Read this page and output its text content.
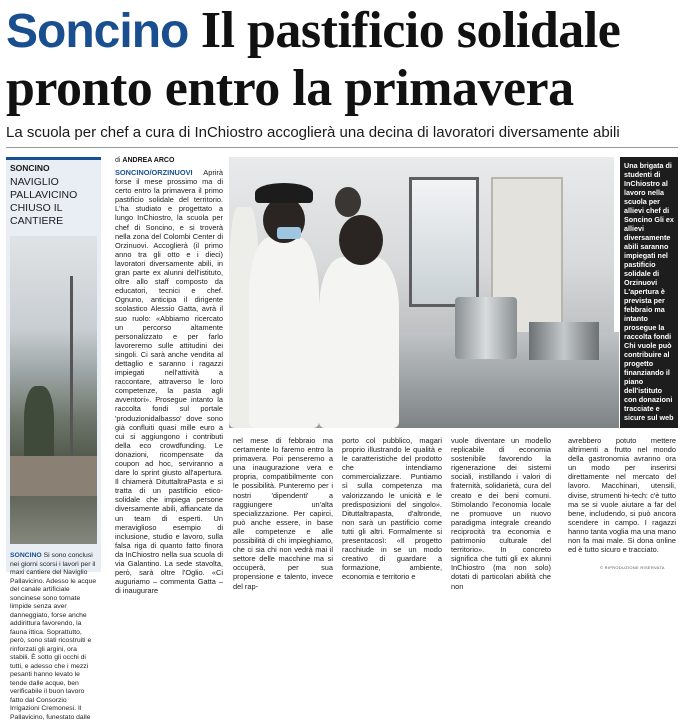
Soncino Il pastificio solidale
pronto entro la primavera
La scuola per chef a cura di InChiostro accoglierà una decina di lavoratori diversamente abili
SONCINO
NAVIGLIO PALLAVICINO CHIUSO IL CANTIERE
SONCINO Si sono conclusi nei giorni scorsi i lavori per il maxi cantiere del Naviglio Pallavicino. Adesso le acque del canale artificiale soncinese sono tornate limpide senza aver danneggiato, forse anche addirittura favorendo, la fauna ittica. Soprattutto, però, sono stati ricostruiti e rinforzati gli argini, ora stabili. È sotto gli occhi di tutti, e adesso che i mezzi pesanti hanno levato le tende dalle acque, ben verificabile il buon lavoro fatto dal Consorzio Irrigazioni Cremonesi. Il Pallavicino, funestato dalle
di ANDREA ARCO
SONCINO/ORZINUOVI Aprirà forse il mese prossimo ma di certo entro la primavera il primo pastificio solidale del territorio. L'ha studiato e progettato a lungo InChiostro, la scuola per chef di Soncino, e si troverà nella zona del Colombi Center di Orzinuovi. Accoglierà (il primo anno tra gli otto e i dieci) lavoratori diversamente abili, in gran parte ex alunni dell'istituto, oltre allo staff composto da educatori, tecnici e chef. Ognuno, anticipa il dirigente scolastico Alessio Gatta, avrà il suo ruolo: «Abbiamo ricercato un percorso altamente personalizzato e per farlo lavoreremo sulle attitudini dei singoli. Ci sarà anche vendita al dettaglio e saranno i ragazzi impiegati nell'attività a raccontare, attraverso le loro competenze, la pasta agli avventori». Prosegue intanto la raccolta fondi sul portale 'produzionidalbasso' dove sono già confluiti quasi mille euro a cui si aggiungono i contributi della eco crowdfunding. Le donazioni, ricompensate da coupon ad hoc, serviranno a dare lo sprint giusto all'apertura. Il chiamerà DituttaltraPasta e si tratta di un pastificio etico-solidale che impiega persone diversamente abili, affiancate da un team di esperti. Un meraviglioso esempio di inclusione, studio e lavoro, sulla falsa riga di quanto fatto finora da InChiostro nella sua scuola di via Galantino. La sede stavolta, però, sarà oltre l'Oglio. «Ci auguriamo – commenta Gatta – di inaugurare
Una brigata di studenti di InChiostro al lavoro nella scuola per allievi chef di Soncino Gli ex allievi diversamente abili saranno impiegati nel pastificio solidale di Orzinuovi L'apertura è prevista per febbraio ma intanto prosegue la raccolta fondi Chi vuole può contribuire al progetto finanziando il piano dell'istituto con donazioni tracciate e sicure sul web
nel mese di febbraio ma certamente lo faremo entro la primavera. Poi penseremo a una inaugurazione vera e propria, compatibilmente con le possibilità. Punteremo per i nostri 'dipendenti' a raggiungere un'alta specializzazione. Per capirci, può anche essere, in base alle competenze e alle possibilità di chi impieghiamo, che ci sia chi non vedrà mai il settore delle macchine ma si occuperà, per sua propensione e talento, invece del rap-
porto col pubblico, magari proprio illustrando le qualità e le caratteristiche del prodotto che intendiamo commercializzare. Puntiamo sì sulla competenza ma valorizzando le unicità e le predisposizioni del singolo». Dituttaltrapasta, d'altronde, non sarà un pastificio come tutti gli altri. Formalmente si presentacosì: «Il progetto racchiude in se un modo creativo di guardare a formazione, ambiente, economia e territorio e
vuole diventare un modello replicabile di economia sostenibile favorendo la rigenerazione dei sistemi sociali, instillando i valori di fraternità, solidarietà, cura del creato e dei beni comuni. Stimolando l'economia locale ne promuove un nuovo paradigma integrale creando reciprocità tra economia e patrimonio culturale del territorio». In concreto significa che tutti gli ex alunni InChiostro (ma non solo) dotati di particolari abilità che non
avrebbero potuto mettere altrimenti a frutto nel mondo della gastronomia avranno ora un modo per inserirsi direttamente nel mercato del lavoro. Macchinari, utensili, divise, strumenti hi-tech: c'è tutto ma se si vuole aiutare a far del bene, includendo, si può ancora scendere in campo. I ragazzi hanno tanta voglia ma una mano non fa mai male. Si dona online ed è tutto sicuro e tracciato.
© RIPRODUZIONE RISERVATA
